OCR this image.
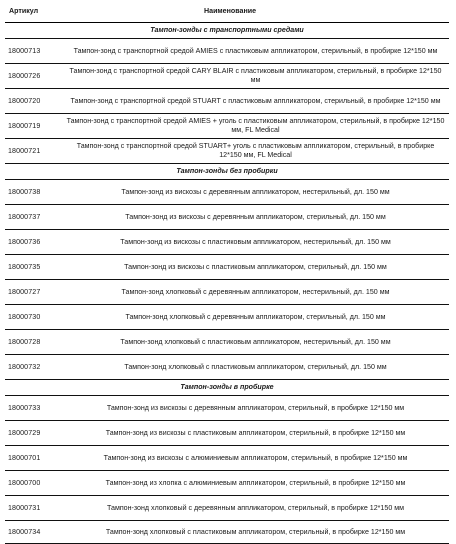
Артикул	Наименование
Тампон-зонды с транспортными средами	
18000713	Тампон-зонд с транспортной средой AMIES с пластиковым аппликатором, стерильный, в пробирке 12*150 мм
18000726	Тампон-зонд с транспортной средой CARY BLAIR с пластиковым аппликатором, стерильный, в пробирке 12*150 мм
18000720	Тампон-зонд с транспортной средой STUART с пластиковым аппликатором, стерильный, в пробирке 12*150 мм
18000719	Тампон-зонд с транспортной средой AMIES + уголь с пластиковым аппликатором, стерильный, в пробирке 12*150 мм, FL Medical
18000721	Тампон-зонд с транспортной средой STUART+ уголь с пластиковым аппликатором, стерильный, в пробирке 12*150 мм, FL Medical
Тампон-зонды без пробирки	
18000738	Тампон-зонд из вискозы с деревянным аппликатором, нестерильный, дл. 150 мм
18000737	Тампон-зонд из вискозы с деревянным аппликатором, стерильный, дл. 150 мм
18000736	Тампон-зонд из вискозы с пластиковым аппликатором, нестерильный, дл. 150 мм
18000735	Тампон-зонд из вискозы с пластиковым аппликатором, стерильный, дл. 150 мм
18000727	Тампон-зонд хлопковый с деревянным аппликатором, нестерильный, дл. 150 мм
18000730	Тампон-зонд хлопковый с деревянным аппликатором, стерильный, дл. 150 мм
18000728	Тампон-зонд хлопковый с пластиковым аппликатором, нестерильный, дл. 150 мм
18000732	Тампон-зонд хлопковый с пластиковым аппликатором, стерильный, дл. 150 мм
Тампон-зонды в пробирке	
18000733	Тампон-зонд из вискозы с деревянным аппликатором, стерильный, в пробирке 12*150 мм
18000729	Тампон-зонд из вискозы с пластиковым аппликатором, стерильный, в пробирке 12*150 мм
18000701	Тампон-зонд из вискозы с алюминиевым аппликатором, стерильный, в пробирке 12*150 мм
18000700	Тампон-зонд из хлопка с алюминиевым аппликатором, стерильный, в пробирке 12*150 мм
18000731	Тампон-зонд хлопковый с деревянным аппликатором, стерильный, в пробирке 12*150 мм
18000734	Тампон-зонд хлопковый с пластиковым аппликатором, стерильный, в пробирке 12*150 мм
